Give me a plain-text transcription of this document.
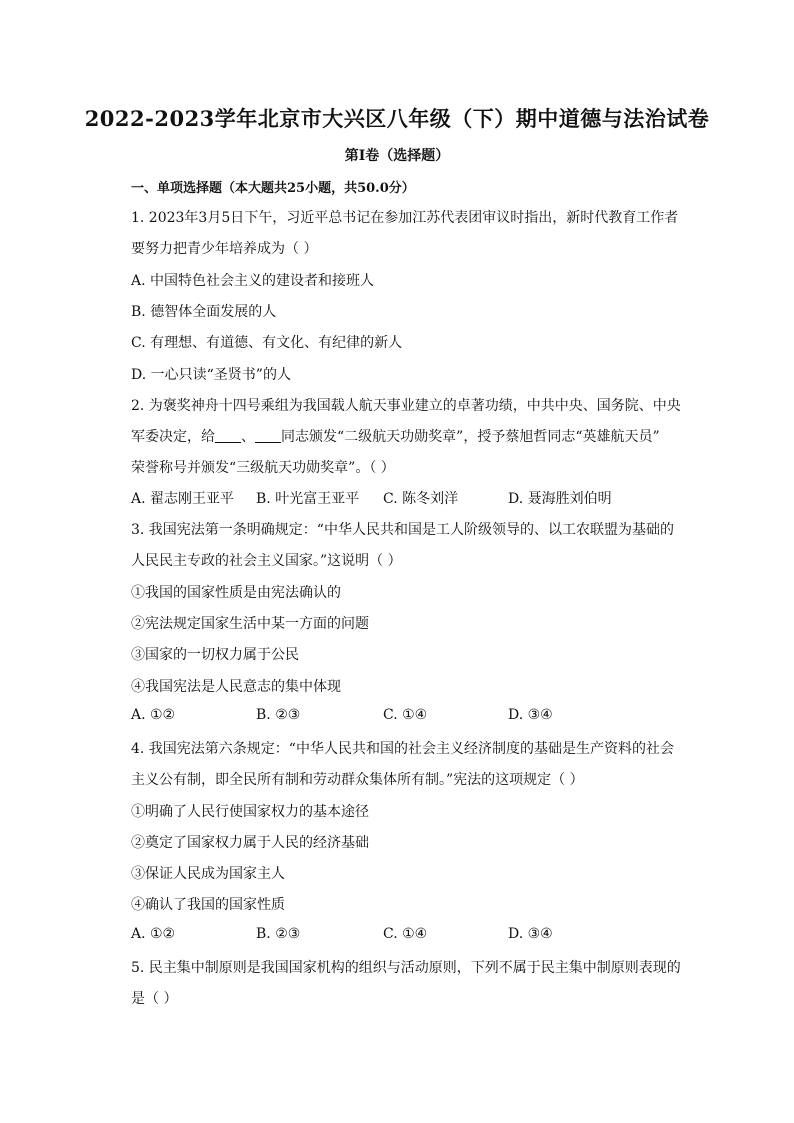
2022-2023学年北京市大兴区八年级（下）期中道德与法治试卷
第I卷（选择题）
一、单项选择题（本大题共25小题，共50.0分）
1. 2023年3月5日下午，习近平总书记在参加江苏代表团审议时指出，新时代教育工作者
要努力把青少年培养成为（ ）
A. 中国特色社会主义的建设者和接班人
B. 德智体全面发展的人
C. 有理想、有道德、有文化、有纪律的新人
D. 一心只读“圣贤书”的人
2. 为褒奖神舟十四号乘组为我国载人航天事业建立的卓著功绩，中共中央、国务院、中央
军委决定，给 、 同志颁发“二级航天功勋奖章”，授予蔡旭哲同志“英雄航天员”
荣誉称号并颁发“三级航天功勋奖章”。（ ）
A. 翟志刚王亚平 B. 叶光富王亚平 C. 陈冬刘洋	D. 聂海胜刘伯明
3. 我国宪法第一条明确规定：“中华人民共和国是工人阶级领导的、以工农联盟为基础的
人民民主专政的社会主义国家。”这说明（ ）
①我国的国家性质是由宪法确认的
②宪法规定国家生活中某一方面的问题
③国家的一切权力属于公民
④我国宪法是人民意志的集中体现
A. ①②	B. ②③	C. ①④	D. ③④
4. 我国宪法第六条规定：“中华人民共和国的社会主义经济制度的基础是生产资料的社会
主义公有制，即全民所有制和劳动群众集体所有制。”宪法的这项规定（ ）
①明确了人民行使国家权力的基本途径
②奠定了国家权力属于人民的经济基础
③保证人民成为国家主人
④确认了我国的国家性质
A. ①②	B. ②③	C. ①④	D. ③④
5. 民主集中制原则是我国国家机构的组织与活动原则，下列不属于民主集中制原则表现的
是（ ）
